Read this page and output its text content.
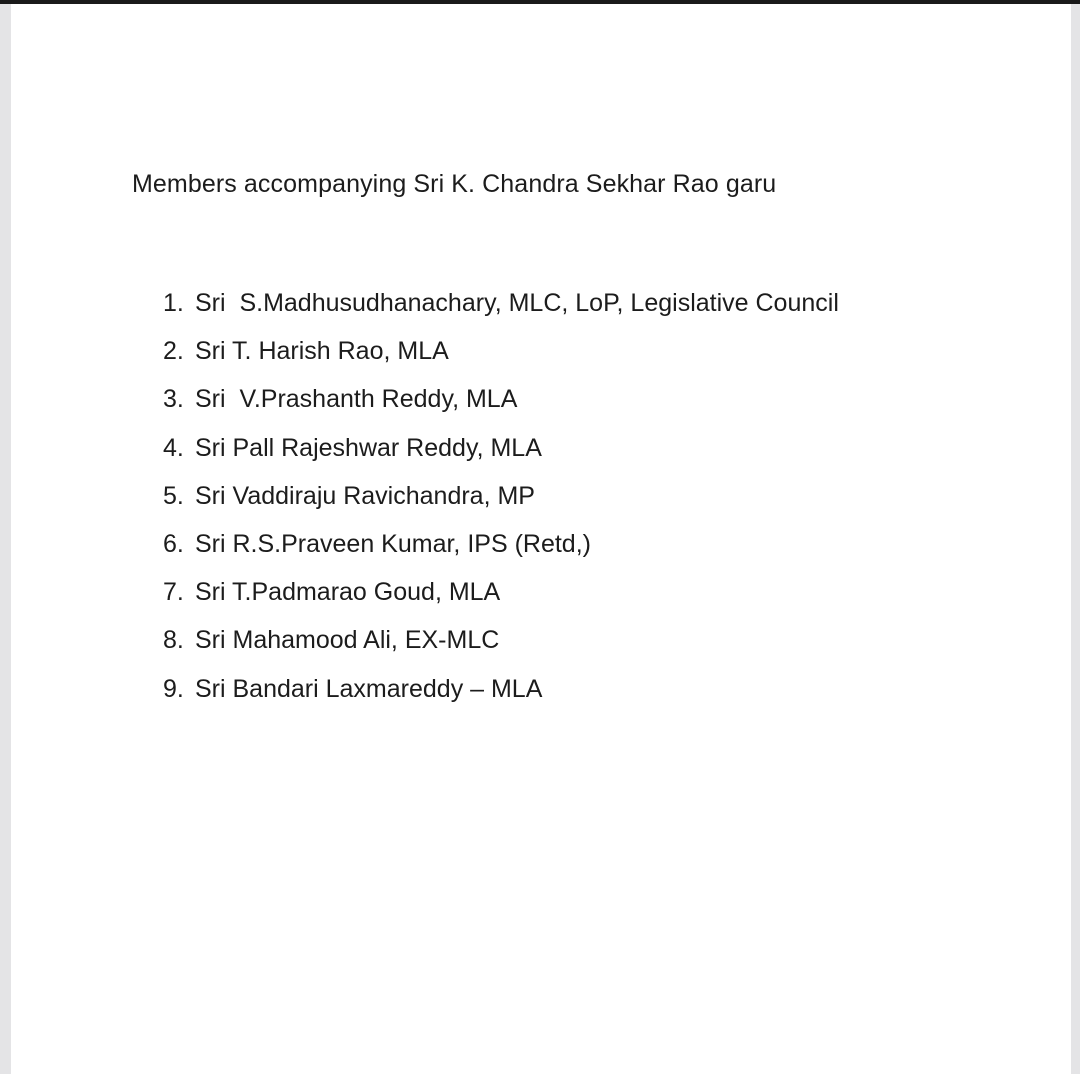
Members accompanying Sri K. Chandra Sekhar Rao garu

1.

Sri  S.Madhusudhanachary, MLC, LoP, Legislative Council

2.

Sri T. Harish Rao, MLA

3.

Sri  V.Prashanth Reddy, MLA

4.

Sri Pall Rajeshwar Reddy, MLA

5.

Sri Vaddiraju Ravichandra, MP

6.

Sri R.S.Praveen Kumar, IPS (Retd,)

7.

Sri T.Padmarao Goud, MLA

8.

Sri Mahamood Ali, EX-MLC

9.

Sri Bandari Laxmareddy – MLA
